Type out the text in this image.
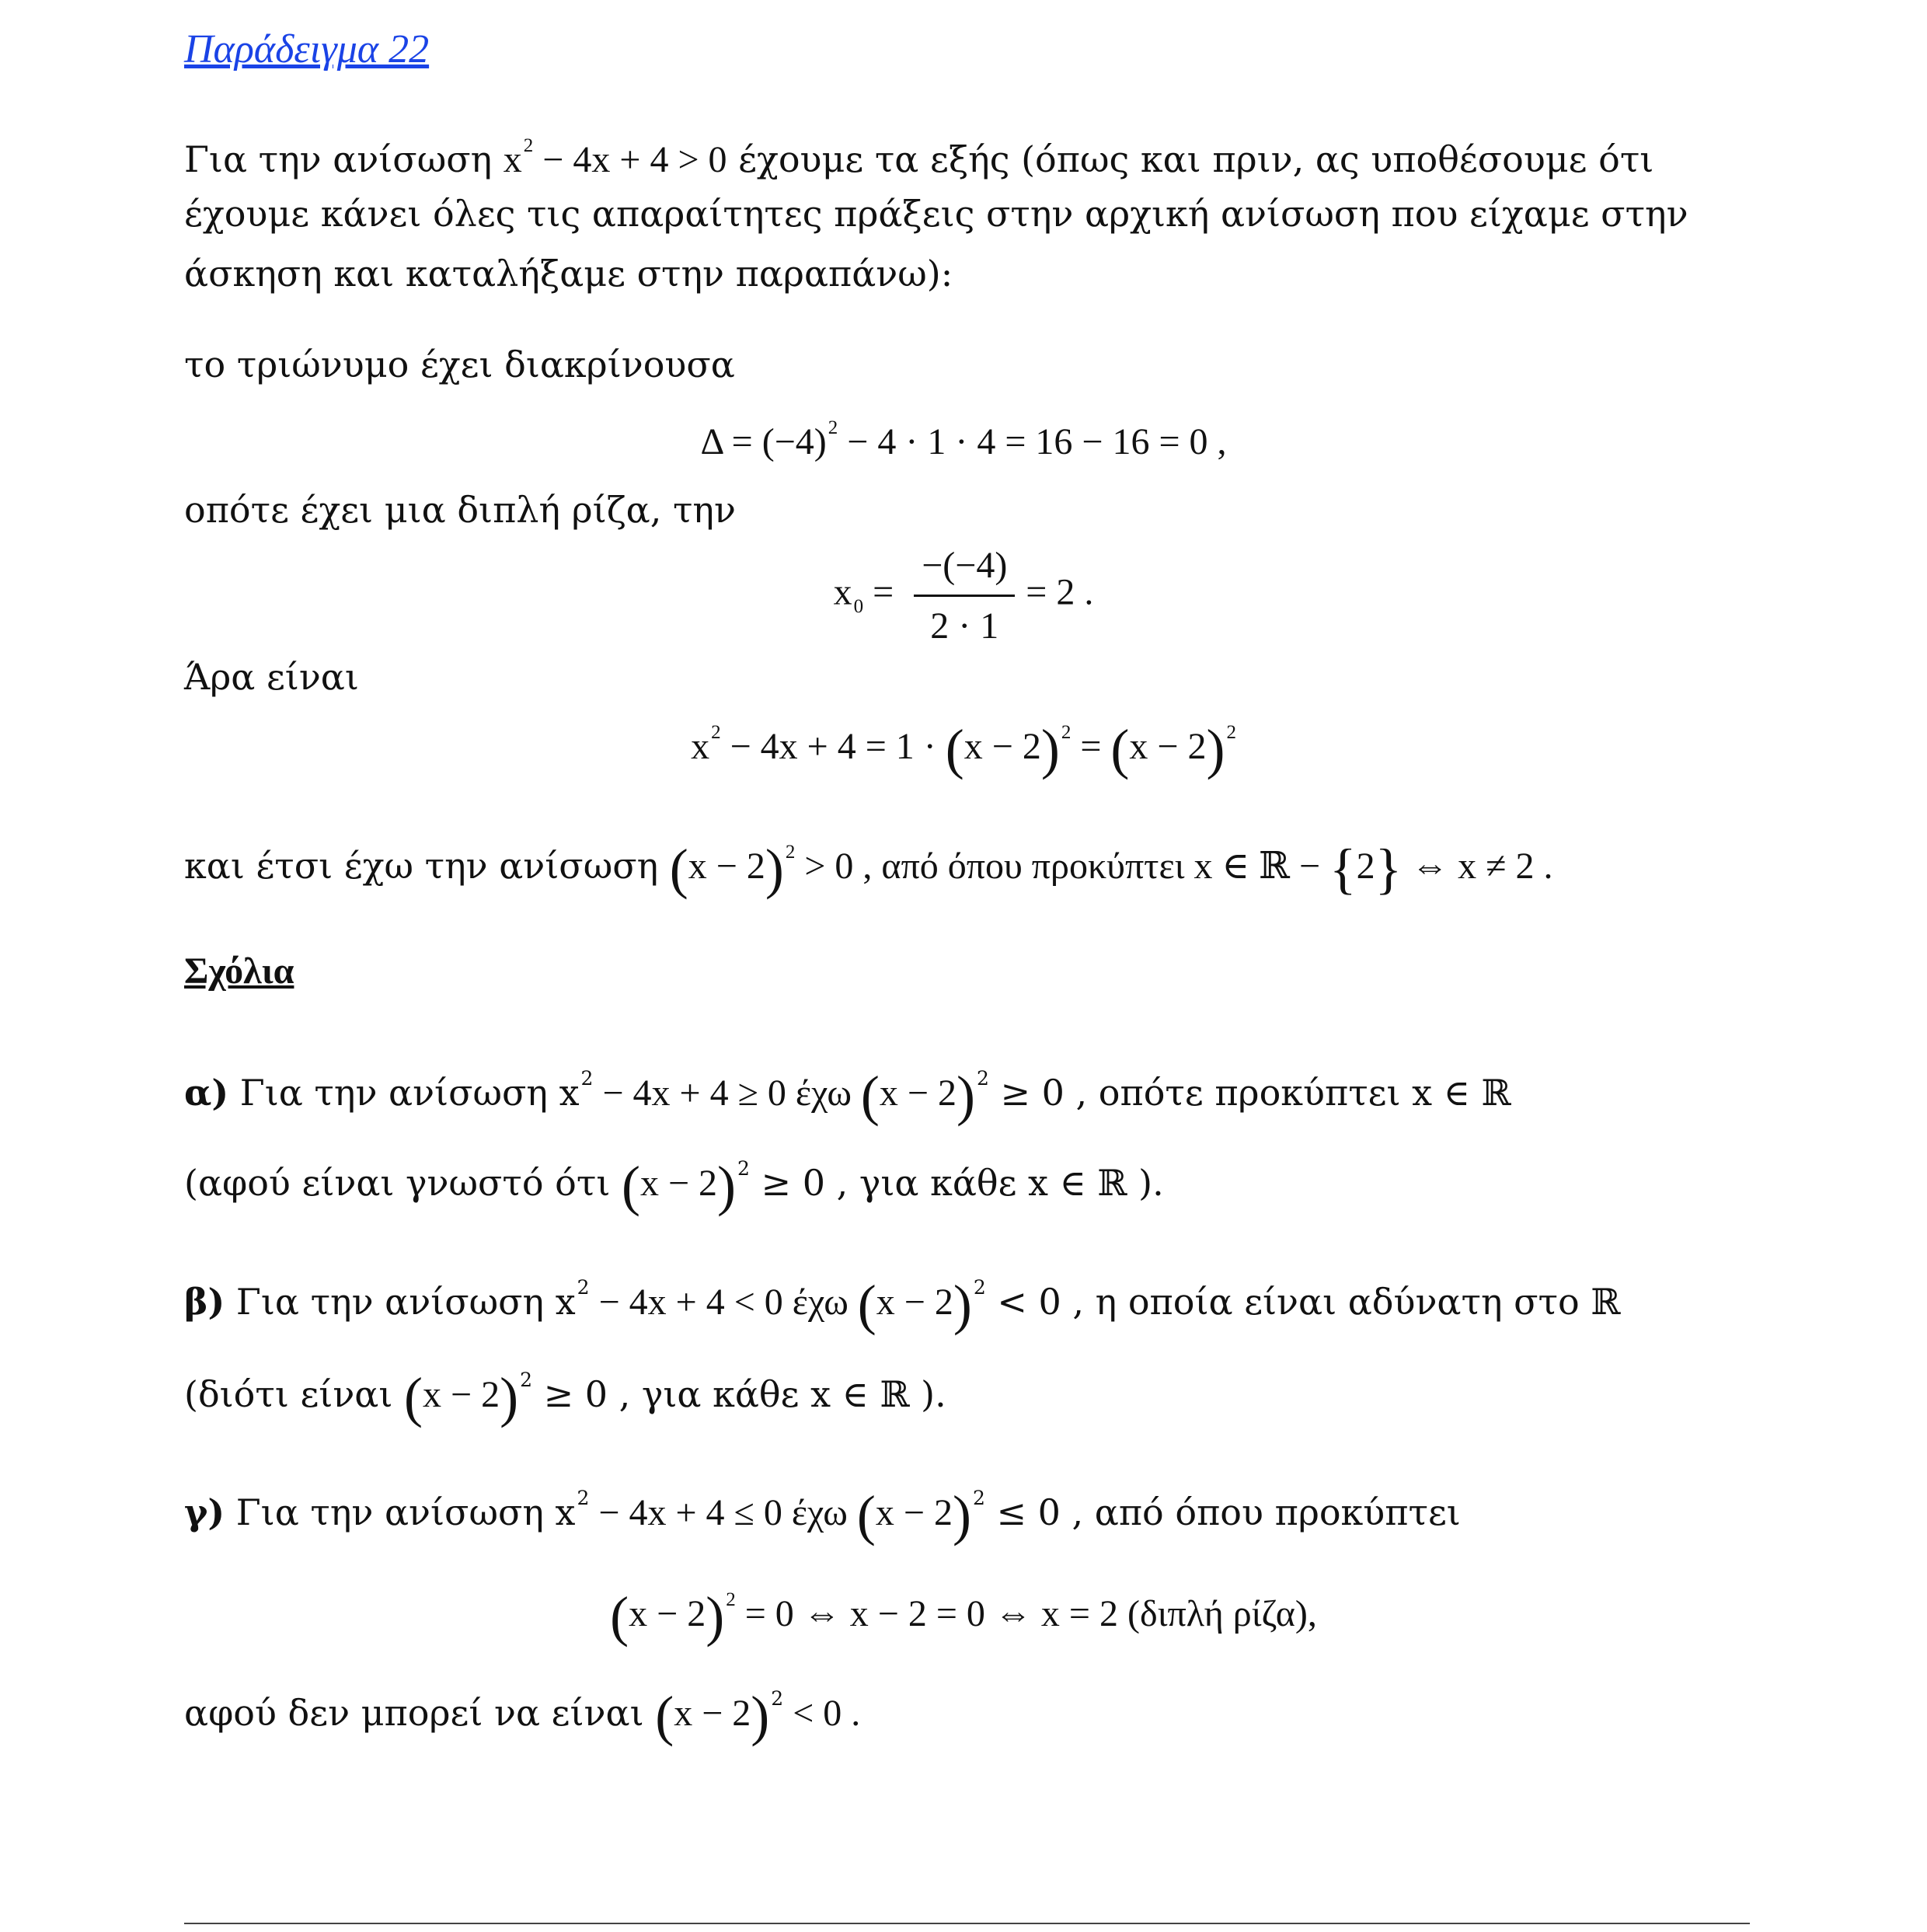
Παράδειγμα 22
Για την ανίσωση $x^2 - 4x + 4 > 0$ έχουμε τα εξής (όπως και πριν, ας υποθέσουμε ότι
έχουμε κάνει όλες τις απαραίτητες πράξεις στην αρχική ανίσωση που είχαμε στην
άσκηση και καταλήξαμε στην παραπάνω):
το τριώνυμο έχει διακρίνουσα
$\Delta = (-4)^2 - 4 \cdot 1 \cdot 4 = 16 - 16 = 0$ ,
οπότε έχει μια διπλή ρίζα, την
$x_0 = \frac{-(-4)}{2 \cdot 1} = 2$ .
Άρα είναι
$x^2 - 4x + 4 = 1 \cdot (x - 2)^2 = (x - 2)^2$
και έτσι έχω την ανίσωση $(x - 2)^2 > 0$ , από όπου προκύπτει x ∈ ℝ − {2} ⇔ x ≠ 2 .
Σχόλια
α) Για την ανίσωση $x^2 - 4x + 4 \ge 0$ έχω $(x - 2)^2 \ge 0$ , οπότε προκύπτει x ∈ ℝ
(αφού είναι γνωστό ότι $(x - 2)^2 \ge 0$ , για κάθε x ∈ ℝ ).
β) Για την ανίσωση $x^2 - 4x + 4 < 0$ έχω $(x - 2)^2 < 0$ , η οποία είναι αδύνατη στο ℝ
(διότι είναι $(x - 2)^2 \ge 0$ , για κάθε x ∈ ℝ ).
γ) Για την ανίσωση $x^2 - 4x + 4 \le 0$ έχω $(x - 2)^2 \le 0$ , από όπου προκύπτει
$(x - 2)^2 = 0$ ⇔ x − 2 = 0 ⇔ x = 2 (διπλή ρίζα),
αφού δεν μπορεί να είναι $(x - 2)^2 < 0$ .
